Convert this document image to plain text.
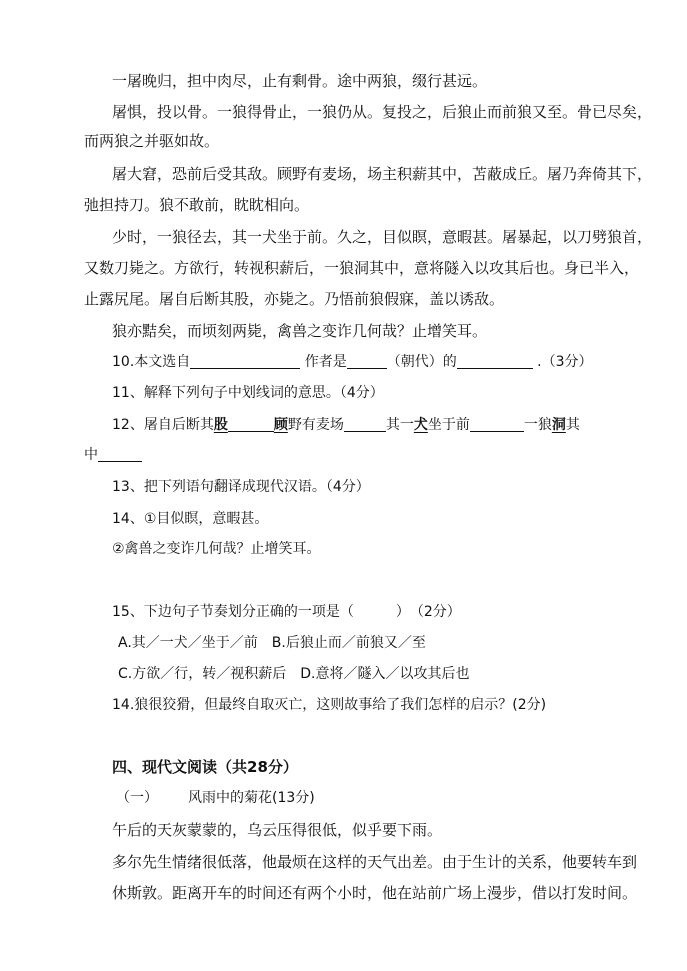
一屠晚归，担中肉尽，止有剩骨。途中两狼，缀行甚远。
屠惧，投以骨。一狼得骨止，一狼仍从。复投之，后狼止而前狼又至。骨已尽矣，
而两狼之并驱如故。
屠大窘，恐前后受其敌。顾野有麦场，场主积薪其中，苫蔽成丘。屠乃奔倚其下，
弛担持刀。狼不敢前，眈眈相向。
少时，一狼径去，其一犬坐于前。久之，目似瞑，意暇甚。屠暴起，以刀劈狼首，
又数刀毙之。方欲行，转视积薪后，一狼洞其中，意将隧入以攻其后也。身已半入，
止露尻尾。屠自后断其股，亦毙之。乃悟前狼假寐，盖以诱敌。
狼亦黠矣，而顷刻两毙，禽兽之变诈几何哉？止增笑耳。
10.本文选自	作者是	（朝代）的	.（3分）
11、解释下列句子中划线词的意思。（4分）
12、屠自后断其股	顾野有麦场	其一犬坐于前	一狼洞其
中
13、把下列语句翻译成现代汉语。（4分）
14、①目似瞑，意暇甚。
②禽兽之变诈几何哉？止增笑耳。
15、下边句子节奏划分正确的一项是（　　　）　（2分）
A.其／一犬／坐于／前　B.后狼止而／前狼又／至
C.方欲／行，转／视积薪后　D.意将／隧入／以攻其后也
14.狼很狡猾，但最终自取灭亡，这则故事给了我们怎样的启示？(2分)
四、现代文阅读（共28分）
（一）	风雨中的菊花(13分)
午后的天灰蒙蒙的，乌云压得很低，似乎要下雨。
多尔先生情绪很低落，他最烦在这样的天气出差。由于生计的关系，他要转车到
休斯敦。距离开车的时间还有两个小时，他在站前广场上漫步，借以打发时间。
